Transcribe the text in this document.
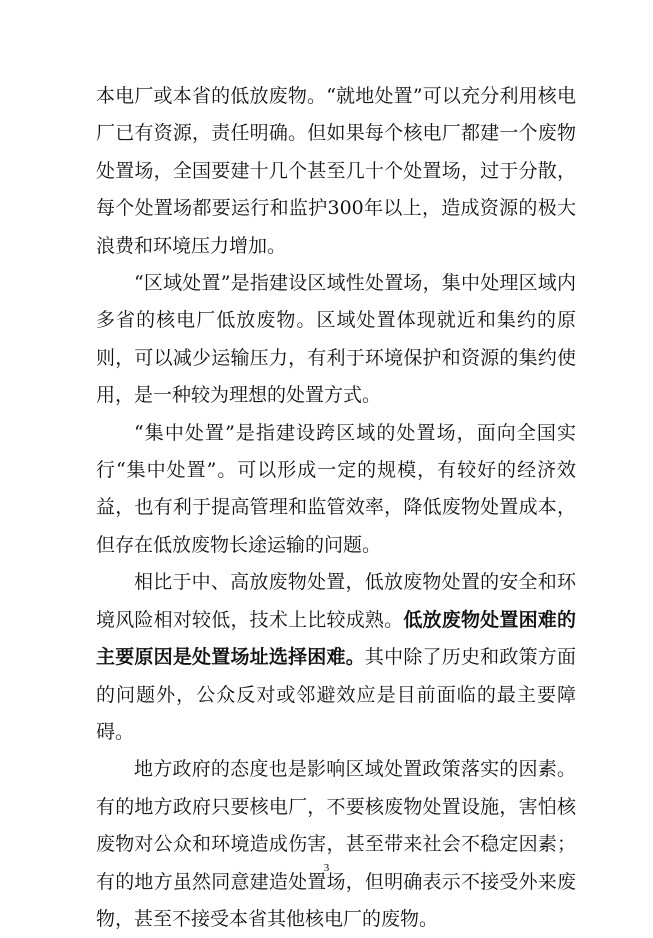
本电厂或本省的低放废物。“就地处置”可以充分利用核电厂已有资源，责任明确。但如果每个核电厂都建一个废物处置场，全国要建十几个甚至几十个处置场，过于分散，每个处置场都要运行和监护300年以上，造成资源的极大浪费和环境压力增加。

“区域处置”是指建设区域性处置场，集中处理区域内多省的核电厂低放废物。区域处置体现就近和集约的原则，可以减少运输压力，有利于环境保护和资源的集约使用，是一种较为理想的处置方式。

“集中处置”是指建设跨区域的处置场，面向全国实行“集中处置”。可以形成一定的规模，有较好的经济效益，也有利于提高管理和监管效率，降低废物处置成本，但存在低放废物长途运输的问题。

相比于中、高放废物处置，低放废物处置的安全和环境风险相对较低，技术上比较成熟。低放废物处置困难的主要原因是处置场址选择困难。其中除了历史和政策方面的问题外，公众反对或邻避效应是目前面临的最主要障碍。

地方政府的态度也是影响区域处置政策落实的因素。有的地方政府只要核电厂，不要核废物处置设施，害怕核废物对公众和环境造成伤害，甚至带来社会不稳定因素；有的地方虽然同意建造处置场，但明确表示不接受外来废物，甚至不接受本省其他核电厂的废物。

3
